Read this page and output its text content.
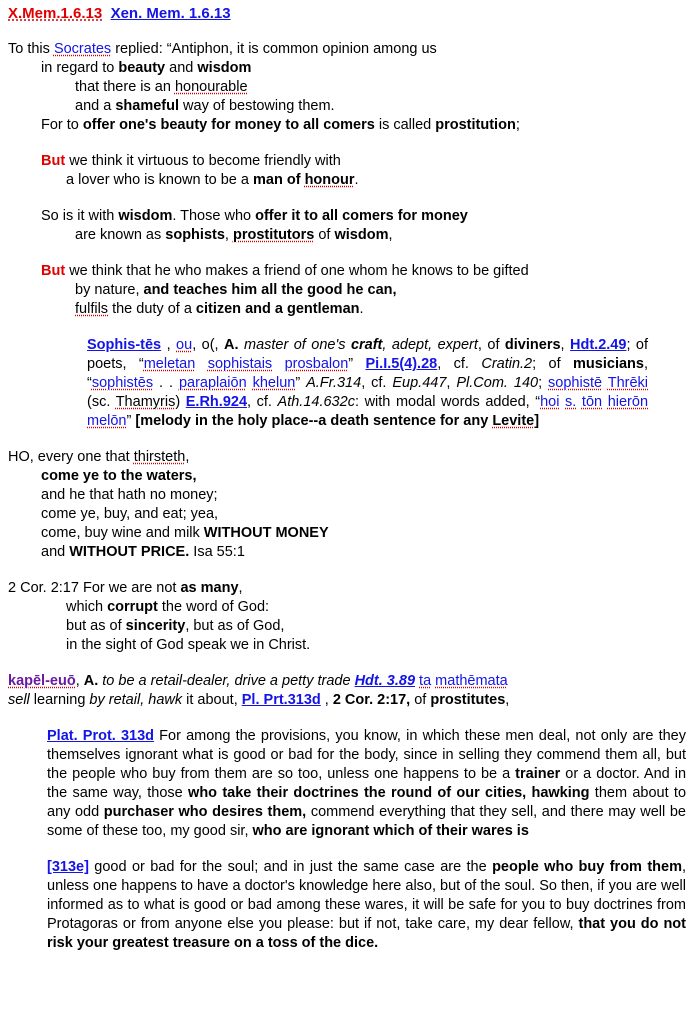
X.Mem.1.6.13 Xen. Mem. 1.6.13

To this Socrates replied: “Antiphon, it is common opinion among us

in regard to beauty and wisdom

that there is an honourable

and a shameful way of bestowing them.

For to offer one's beauty for money to all comers is called prostitution;

But we think it virtuous to become friendly with

a lover who is known to be a man of honour.

So is it with wisdom. Those who offer it to all comers for money

are known as sophists, prostitutors of wisdom,

But we think that he who makes a friend of one whom he knows to be gifted

by nature, and teaches him all the good he can,

fulfils the duty of a citizen and a gentleman.

Sophis-tēs , ou, o(, A. master of one's craft, adept, expert, of diviners, Hdt.2.49; of poets, “meletan sophistais prosbalon” Pi.I.5(4).28, cf. Cratin.2; of musicians, “sophistēs . . paraplaiōn khelun” A.Fr.314, cf. Eup.447, Pl.Com. 140; sophistē Thrēki (sc. Thamyris) E.Rh.924, cf. Ath.14.632c: with modal words added, “hoi s. tōn hierōn melōn” [melody in the holy place--a death sentence for any Levite]

HO, every one that thirsteth,

come ye to the waters,

and he that hath no money;

come ye, buy, and eat; yea,

come, buy wine and milk WITHOUT MONEY

and WITHOUT PRICE. Isa 55:1

2 Cor. 2:17 For we are not as many,

which corrupt the word of God:

but as of sincerity, but as of God,

in the sight of God speak we in Christ.

kapēl-euō, A. to be a retail-dealer, drive a petty trade Hdt. 3.89 ta mathēmata

sell learning by retail, hawk it about, Pl. Prt.313d , 2 Cor. 2:17, of prostitutes,

Plat. Prot. 313d For among the provisions, you know, in which these men deal, not only are they themselves ignorant what is good or bad for the body, since in selling they commend them all, but the people who buy from them are so too, unless one happens to be a trainer or a doctor. And in the same way, those who take their doctrines the round of our cities, hawking them about to any odd purchaser who desires them, commend everything that they sell, and there may well be some of these too, my good sir, who are ignorant which of their wares is

[313e] good or bad for the soul; and in just the same case are the people who buy from them, unless one happens to have a doctor's knowledge here also, but of the soul. So then, if you are well informed as to what is good or bad among these wares, it will be safe for you to buy doctrines from Protagoras or from anyone else you please: but if not, take care, my dear fellow, that you do not risk your greatest treasure on a toss of the dice.
